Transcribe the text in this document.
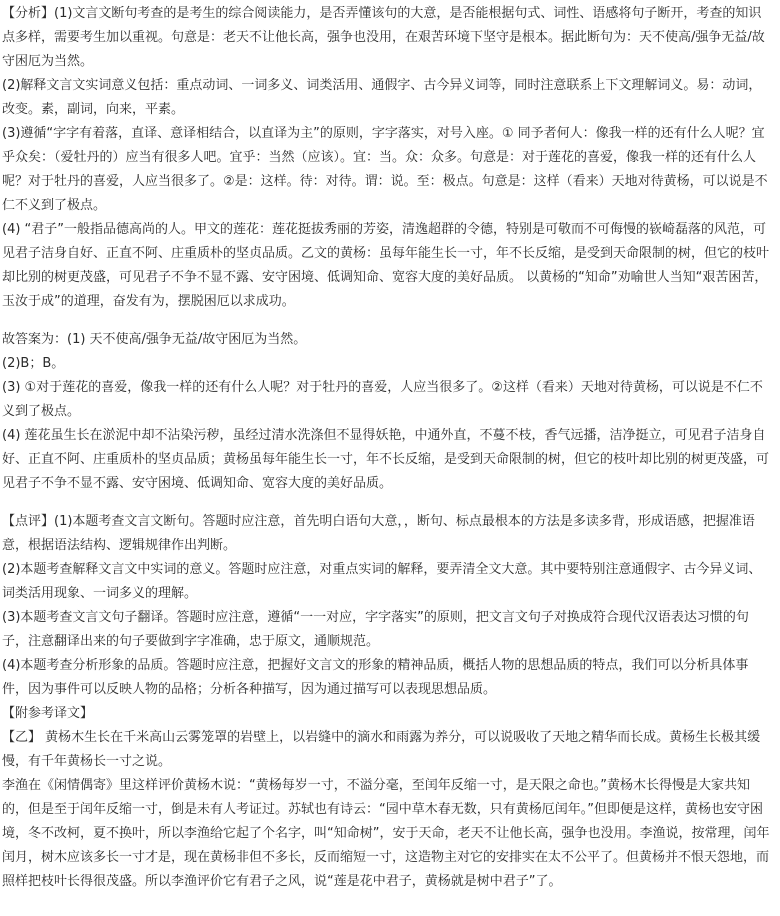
【分析】(1)文言文断句考查的是考生的综合阅读能力，是否弄懂该句的大意，是否能根据句式、词性、语感将句子断开，考查的知识点多样，需要考生加以重视。句意是：老天不让他长高，强争也没用，在艰苦环境下坚守是根本。据此断句为：天不使高/强争无益/故守困厄为当然。

(2)解释文言文实词意义包括：重点动词、一词多义、词类活用、通假字、古今异义词等，同时注意联系上下文理解词义。易：动词，改变。素，副词，向来，平素。

(3)遵循“字字有着落，直译、意译相结合，以直译为主”的原则，字字落实，对号入座。① 同予者何人：像我一样的还有什么人呢？宜乎众矣：（爱牡丹的）应当有很多人吧。宜乎：当然（应该）。宜：当。众：众多。句意是：对于莲花的喜爱，像我一样的还有什么人呢？对于牡丹的喜爱，人应当很多了。②是：这样。待：对待。谓：说。至：极点。句意是：这样（看来）天地对待黄杨，可以说是不仁不义到了极点。

(4) “君子”一般指品德高尚的人。甲文的莲花：莲花挺拔秀丽的芳姿，清逸超群的令德，特别是可敬而不可侮慢的嵚崎磊落的风范，可见君子洁身自好、正直不阿、庄重质朴的坚贞品质。乙文的黄杨：虽每年能生长一寸，年不长反缩，是受到天命限制的树，但它的枝叶却比别的树更茂盛，可见君子不争不显不露、安守困境、低调知命、宽容大度的美好品质。 以黄杨的“知命”劝喻世人当知“艰苦困苦，玉汝于成”的道理，奋发有为，摆脱困厄以求成功。

故答案为：(1) 天不使高/强争无益/故守困厄为当然。

(2)B；B。

(3) ①对于莲花的喜爱，像我一样的还有什么人呢？对于牡丹的喜爱，人应当很多了。②这样（看来）天地对待黄杨，可以说是不仁不义到了极点。

(4) 莲花虽生长在淤泥中却不沾染污秽，虽经过清水洗涤但不显得妖艳，中通外直，不蔓不枝，香气远播，洁净挺立，可见君子洁身自好、正直不阿、庄重质朴的坚贞品质；黄杨虽每年能生长一寸，年不长反缩，是受到天命限制的树，但它的枝叶却比别的树更茂盛，可见君子不争不显不露、安守困境、低调知命、宽容大度的美好品质。

【点评】(1)本题考查文言文断句。答题时应注意，首先明白语句大意，，断句、标点最根本的方法是多读多背，形成语感，把握准语意，根据语法结构、逻辑规律作出判断。

(2)本题考查解释文言文中实词的意义。答题时应注意，对重点实词的解释，要弄清全文大意。其中要特别注意通假字、古今异义词、词类活用现象、一词多义的理解。

(3)本题考查文言文句子翻译。答题时应注意，遵循“一一对应，字字落实”的原则，把文言文句子对换成符合现代汉语表达习惯的句子，注意翻译出来的句子要做到字字准确，忠于原文，通顺规范。

(4)本题考查分析形象的品质。答题时应注意，把握好文言文的形象的精神品质，概括人物的思想品质的特点，我们可以分析具体事件，因为事件可以反映人物的品格；分析各种描写，因为通过描写可以表现思想品质。

【附参考译文】

【乙】 黄杨木生长在千米高山云雾笼罩的岩壁上，以岩缝中的滴水和雨露为养分，可以说吸收了天地之精华而长成。黄杨生长极其缓慢，有千年黄杨长一寸之说。

李渔在《闲情偶寄》里这样评价黄杨木说：“黄杨每岁一寸，不溢分毫，至闰年反缩一寸，是天限之命也。”黄杨木长得慢是大家共知的，但是至于闰年反缩一寸，倒是未有人考证过。苏轼也有诗云：“园中草木春无数，只有黄杨厄闰年。”但即便是这样，黄杨也安守困境，冬不改柯，夏不换叶，所以李渔给它起了个名字，叫“知命树”，安于天命，老天不让他长高，强争也没用。李渔说，按常理，闰年闰月，树木应该多长一寸才是，现在黄杨非但不多长，反而缩短一寸，这造物主对它的安排实在太不公平了。但黄杨并不恨天怨地，而照样把枝叶长得很茂盛。所以李渔评价它有君子之风，说“莲是花中君子，黄杨就是树中君子”了。
